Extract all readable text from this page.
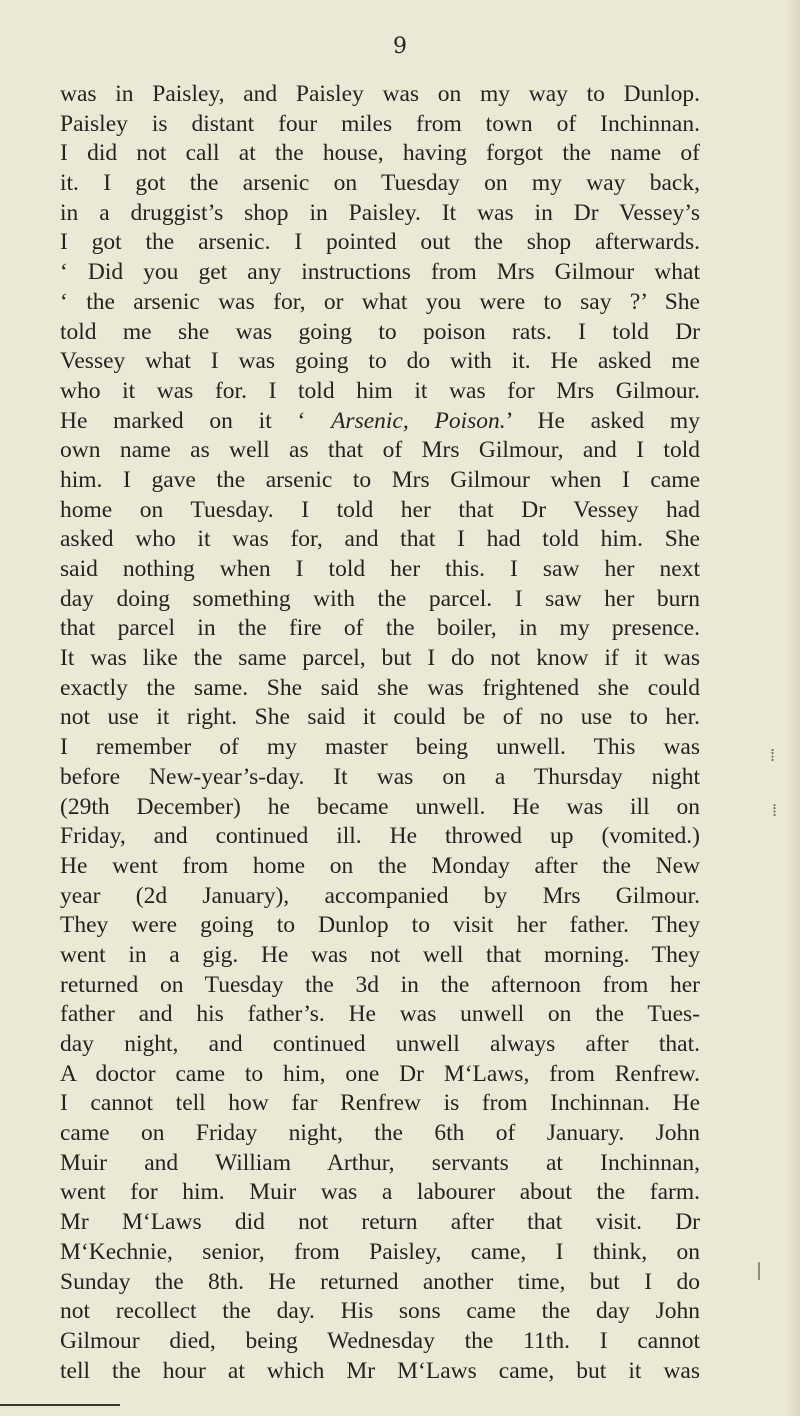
9
was in Paisley, and Paisley was on my way to Dunlop.
Paisley is distant four miles from town of Inchinnan.
I did not call at the house, having forgot the name of
it. I got the arsenic on Tuesday on my way back,
in a druggist’s shop in Paisley. It was in Dr Vessey’s
I got the arsenic. I pointed out the shop afterwards.
‘ Did you get any instructions from Mrs Gilmour what
‘ the arsenic was for, or what you were to say ?’ She
told me she was going to poison rats. I told Dr
Vessey what I was going to do with it. He asked me
who it was for. I told him it was for Mrs Gilmour.
He marked on it ‘ Arsenic, Poison.’ He asked my
own name as well as that of Mrs Gilmour, and I told
him. I gave the arsenic to Mrs Gilmour when I came
home on Tuesday. I told her that Dr Vessey had
asked who it was for, and that I had told him. She
said nothing when I told her this. I saw her next
day doing something with the parcel. I saw her burn
that parcel in the fire of the boiler, in my presence.
It was like the same parcel, but I do not know if it was
exactly the same. She said she was frightened she could
not use it right. She said it could be of no use to her.
I remember of my master being unwell. This was
before New-year’s-day. It was on a Thursday night
(29th December) he became unwell. He was ill on
Friday, and continued ill. He throwed up (vomited.)
He went from home on the Monday after the New
year (2d January), accompanied by Mrs Gilmour.
They were going to Dunlop to visit her father. They
went in a gig. He was not well that morning. They
returned on Tuesday the 3d in the afternoon from her
father and his father’s. He was unwell on the Tues-
day night, and continued unwell always after that.
A doctor came to him, one Dr M‘Laws, from Renfrew.
I cannot tell how far Renfrew is from Inchinnan. He
came on Friday night, the 6th of January. John
Muir and William Arthur, servants at Inchinnan,
went for him. Muir was a labourer about the farm.
Mr M‘Laws did not return after that visit. Dr
M‘Kechnie, senior, from Paisley, came, I think, on
Sunday the 8th. He returned another time, but I do
not recollect the day. His sons came the day John
Gilmour died, being Wednesday the 11th. I cannot
tell the hour at which Mr M‘Laws came, but it was
⁞
⁞
|
